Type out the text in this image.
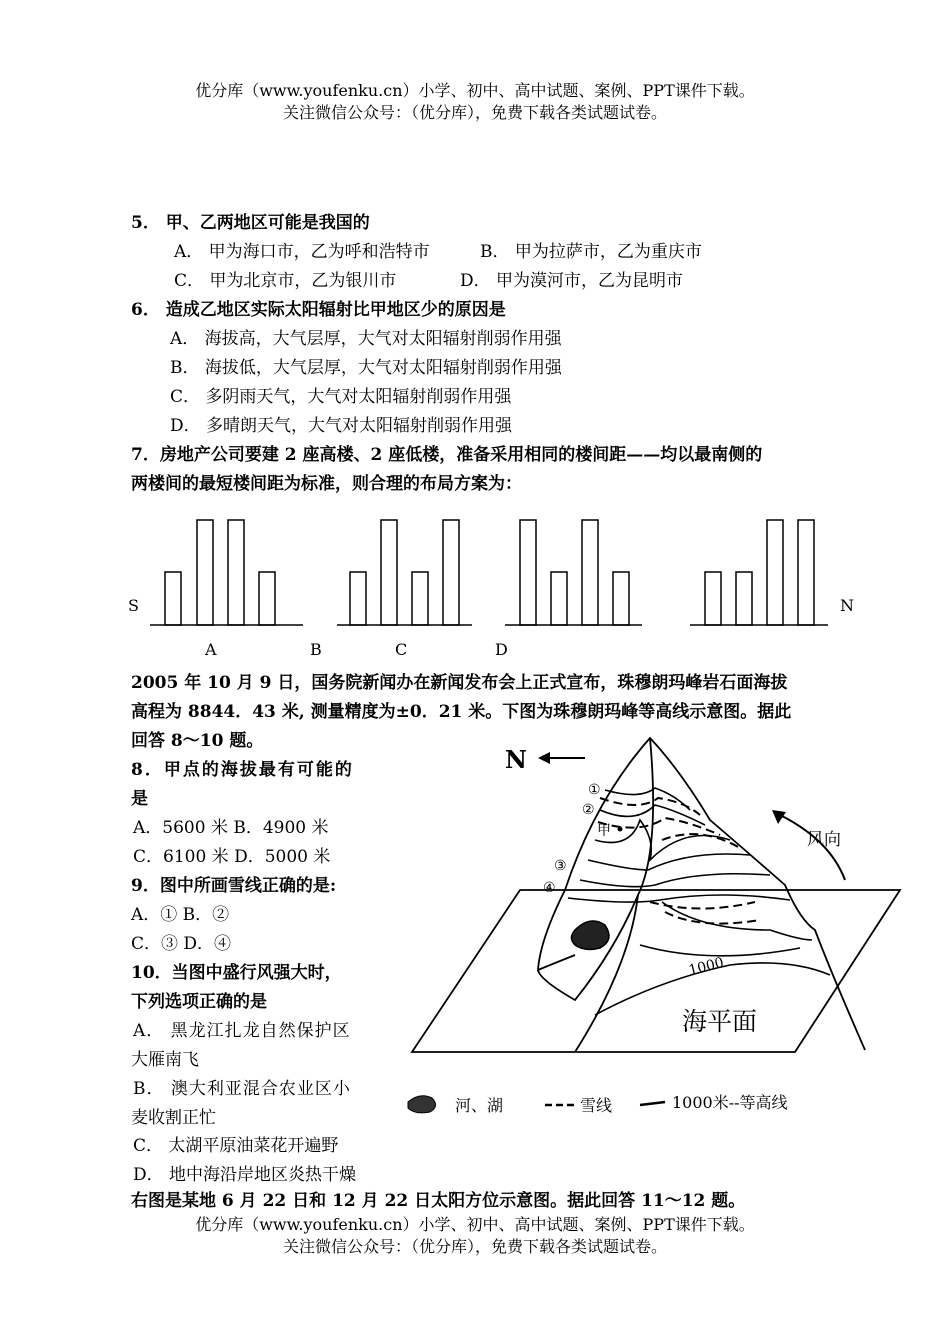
优分库（www.youfenku.cn）小学、初中、高中试题、案例、PPT课件下载。
关注微信公众号：（优分库），免费下载各类试题试卷。
5． 甲、乙两地区可能是我国的
A． 甲为海口市，乙为呼和浩特市	B． 甲为拉萨市，乙为重庆市
C． 甲为北京市，乙为银川市	D． 甲为漠河市，乙为昆明市
6． 造成乙地区实际太阳辐射比甲地区少的原因是
A． 海拔高，大气层厚，大气对太阳辐射削弱作用强
B． 海拔低，大气层厚，大气对太阳辐射削弱作用强
C． 多阴雨天气，大气对太阳辐射削弱作用强
D． 多晴朗天气，大气对太阳辐射削弱作用强
7．房地产公司要建 2 座高楼、2 座低楼，准备采用相同的楼间距——均以最南侧的
两楼间的最短楼间距为标准，则合理的布局方案为：
S	N
A	B	C	D
2005 年 10 月 9 日，国务院新闻办在新闻发布会上正式宣布，珠穆朗玛峰岩石面海拔
高程为 8844．43 米, 测量精度为±0．21 米。下图为珠穆朗玛峰等高线示意图。据此
回答 8～10 题。
8．甲点的海拔最有可能的
是
A．5600 米 B．4900 米
C．6100 米 D．5000 米
9．图中所画雪线正确的是:
A．① B．②
C．③ D．④
10．当图中盛行风强大时，
下列选项正确的是
A． 黑龙江扎龙自然保护区
大雁南飞
B． 澳大利亚混合农业区小
麦收割正忙
C． 太湖平原油菜花开遍野
D． 地中海沿岸地区炎热干燥
N
风向
海平面
1000
甲
①
②
③
④
河、湖	雪线	1000米--等高线
右图是某地 6 月 22 日和 12 月 22 日太阳方位示意图。据此回答 11～12 题。
优分库（www.youfenku.cn）小学、初中、高中试题、案例、PPT课件下载。
关注微信公众号：（优分库），免费下载各类试题试卷。
